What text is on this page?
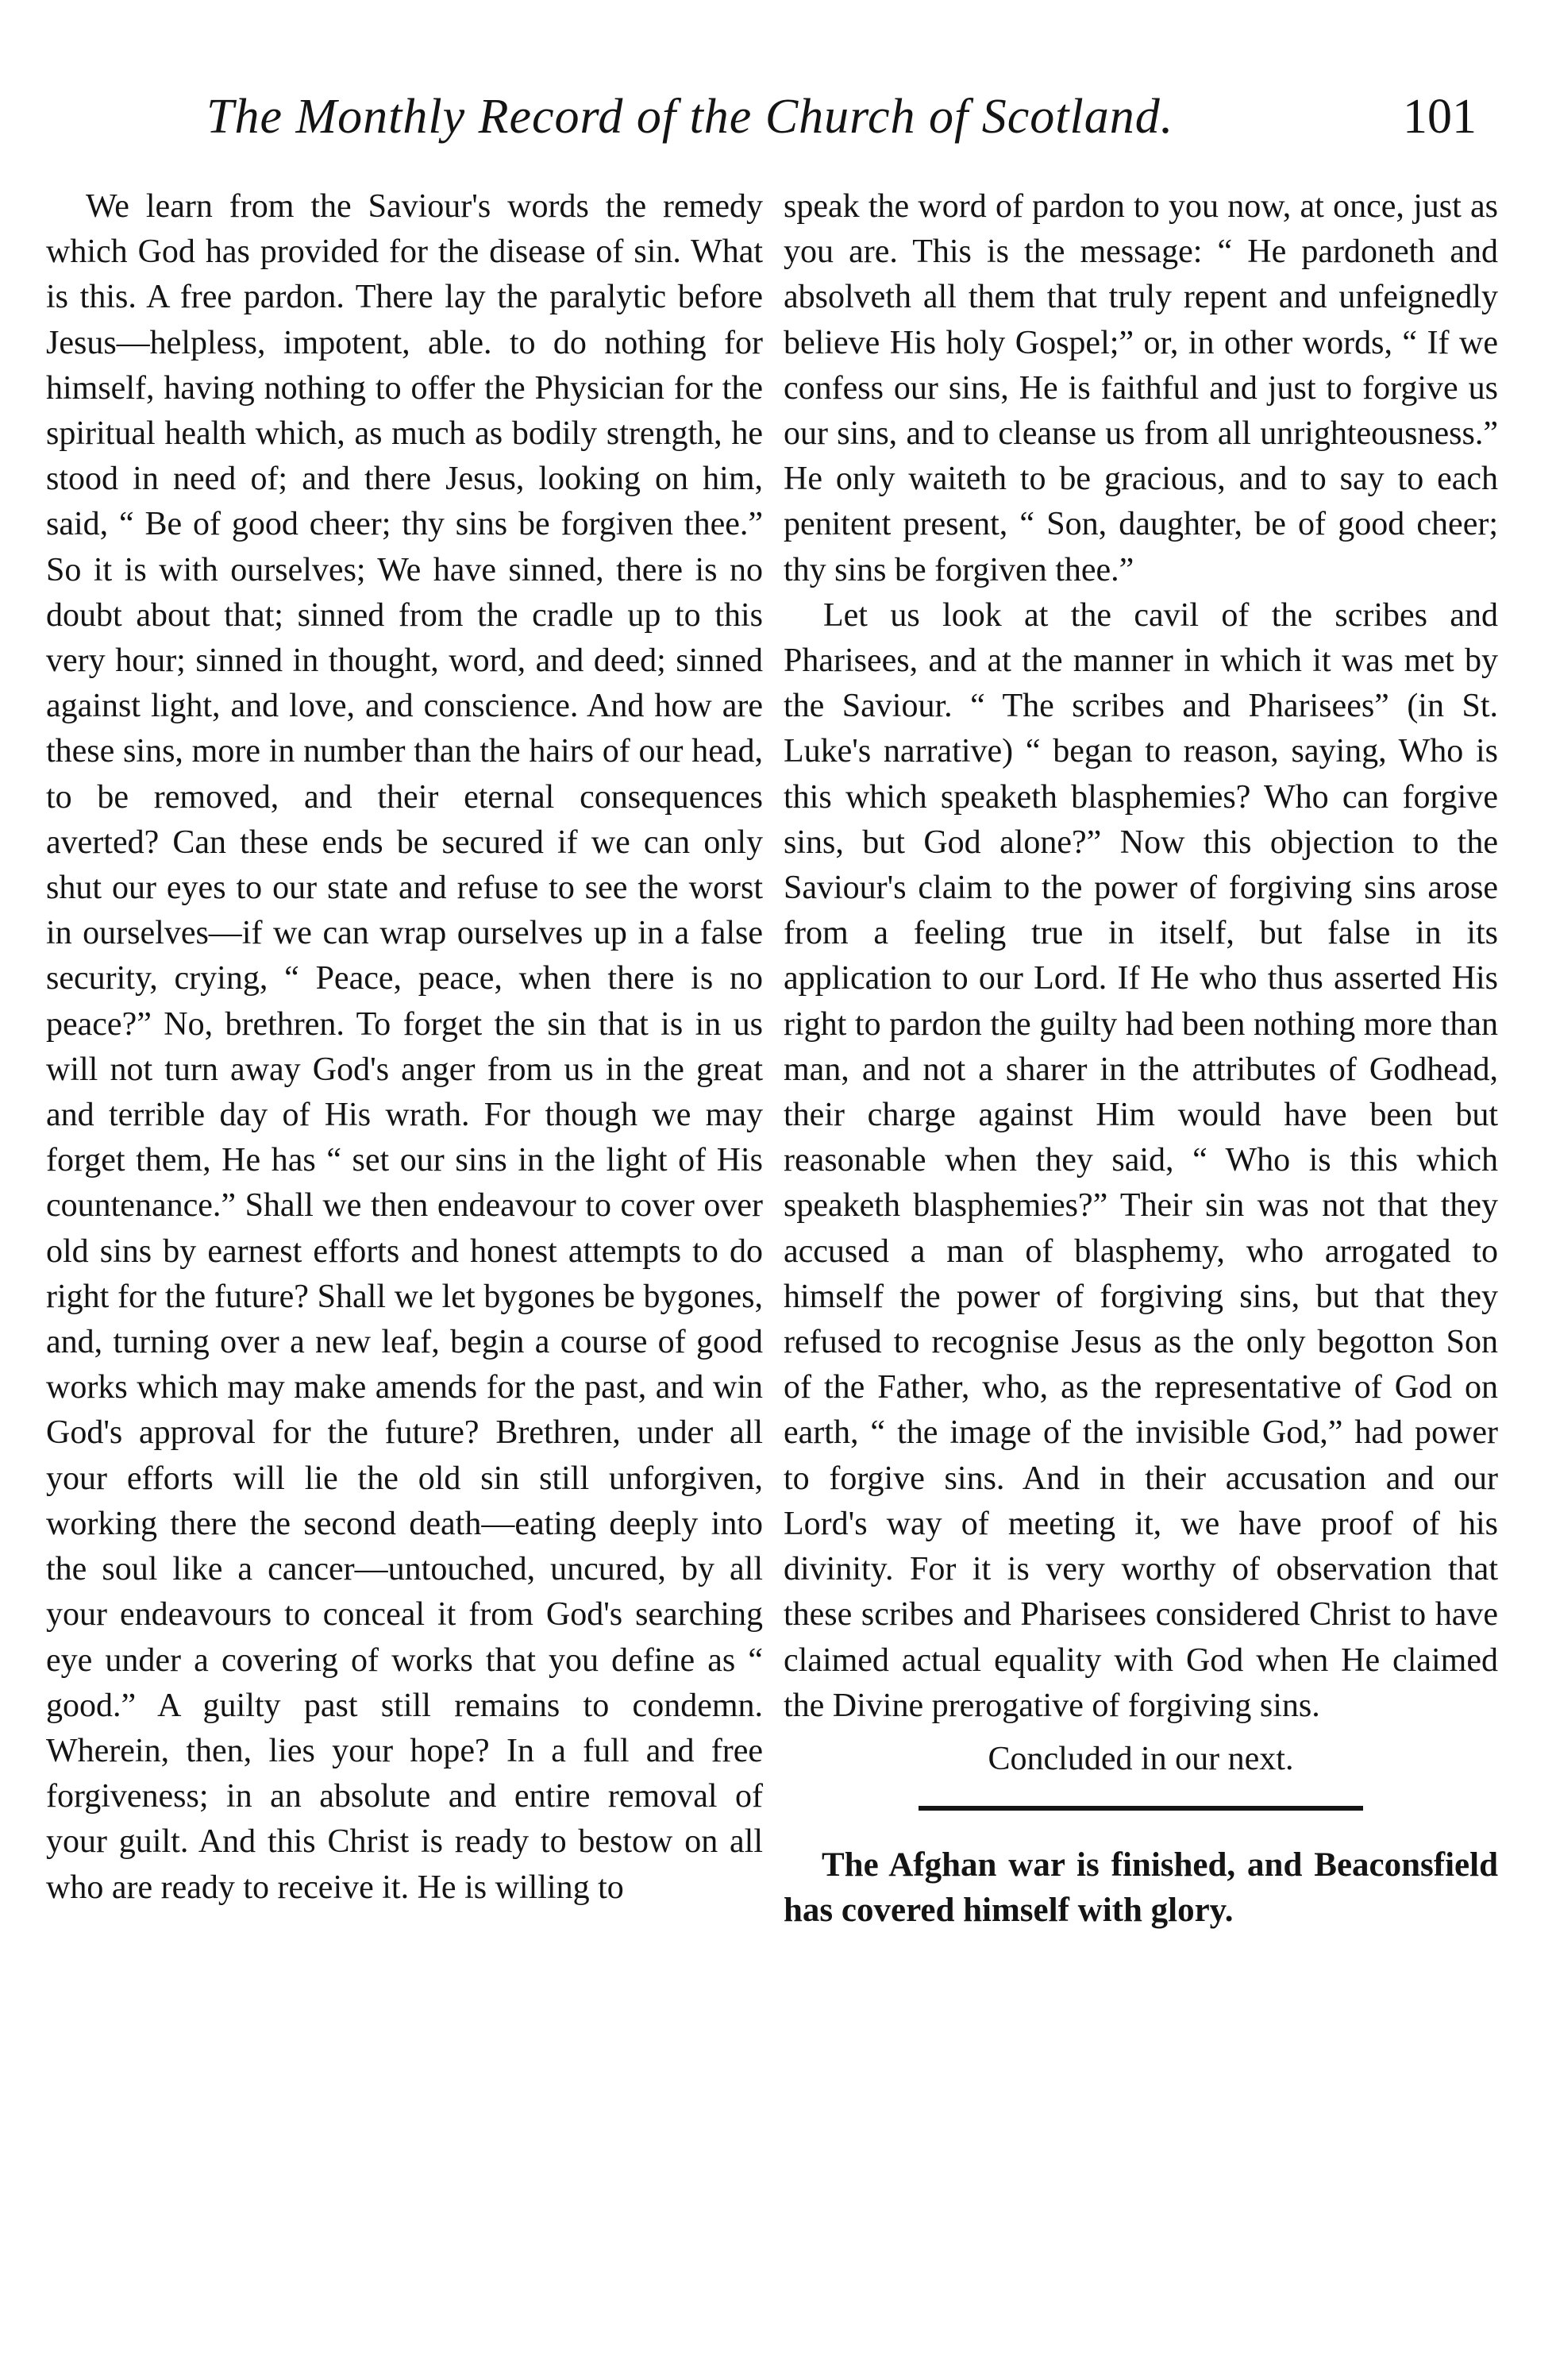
The Monthly Record of the Church of Scotland.	101

We learn from the Saviour's words the remedy which God has provided for the disease of sin. What is this. A free pardon. There lay the paralytic before Jesus—helpless, impotent, able. to do nothing for himself, having nothing to offer the Physician for the spiritual health which, as much as bodily strength, he stood in need of; and there Jesus, looking on him, said, “ Be of good cheer; thy sins be forgiven thee.” So it is with ourselves; We have sinned, there is no doubt about that; sinned from the cradle up to this very hour; sinned in thought, word, and deed; sinned against light, and love, and conscience. And how are these sins, more in number than the hairs of our head, to be removed, and their eternal consequences averted? Can these ends be secured if we can only shut our eyes to our state and refuse to see the worst in ourselves—if we can wrap ourselves up in a false security, crying, “ Peace, peace, when there is no peace?” No, brethren. To forget the sin that is in us will not turn away God's anger from us in the great and terrible day of His wrath. For though we may forget them, He has “ set our sins in the light of His countenance.” Shall we then endeavour to cover over old sins by earnest efforts and honest attempts to do right for the future? Shall we let bygones be bygones, and, turning over a new leaf, begin a course of good works which may make amends for the past, and win God's approval for the future? Brethren, under all your efforts will lie the old sin still unforgiven, working there the second death—eating deeply into the soul like a cancer—untouched, uncured, by all your endeavours to conceal it from God's searching eye under a covering of works that you define as “ good.” A guilty past still remains to condemn. Wherein, then, lies your hope? In a full and free forgiveness; in an absolute and entire removal of your guilt. And this Christ is ready to bestow on all who are ready to receive it. He is willing to

speak the word of pardon to you now, at once, just as you are. This is the message: “ He pardoneth and absolveth all them that truly repent and unfeignedly believe His holy Gospel;” or, in other words, “ If we confess our sins, He is faithful and just to forgive us our sins, and to cleanse us from all unrighteousness.” He only waiteth to be gracious, and to say to each penitent present, “ Son, daughter, be of good cheer; thy sins be forgiven thee.”

Let us look at the cavil of the scribes and Pharisees, and at the manner in which it was met by the Saviour. “ The scribes and Pharisees” (in St. Luke's narrative) “ began to reason, saying, Who is this which speaketh blasphemies? Who can forgive sins, but God alone?” Now this objection to the Saviour's claim to the power of forgiving sins arose from a feeling true in itself, but false in its application to our Lord. If He who thus asserted His right to pardon the guilty had been nothing more than man, and not a sharer in the attributes of Godhead, their charge against Him would have been but reasonable when they said, “ Who is this which speaketh blasphemies?” Their sin was not that they accused a man of blasphemy, who arrogated to himself the power of forgiving sins, but that they refused to recognise Jesus as the only begotton Son of the Father, who, as the representative of God on earth, “ the image of the invisible God,” had power to forgive sins. And in their accusation and our Lord's way of meeting it, we have proof of his divinity. For it is very worthy of observation that these scribes and Pharisees considered Christ to have claimed actual equality with God when He claimed the Divine prerogative of forgiving sins.

Concluded in our next.

The Afghan war is finished, and Beaconsfield has covered himself with glory.
